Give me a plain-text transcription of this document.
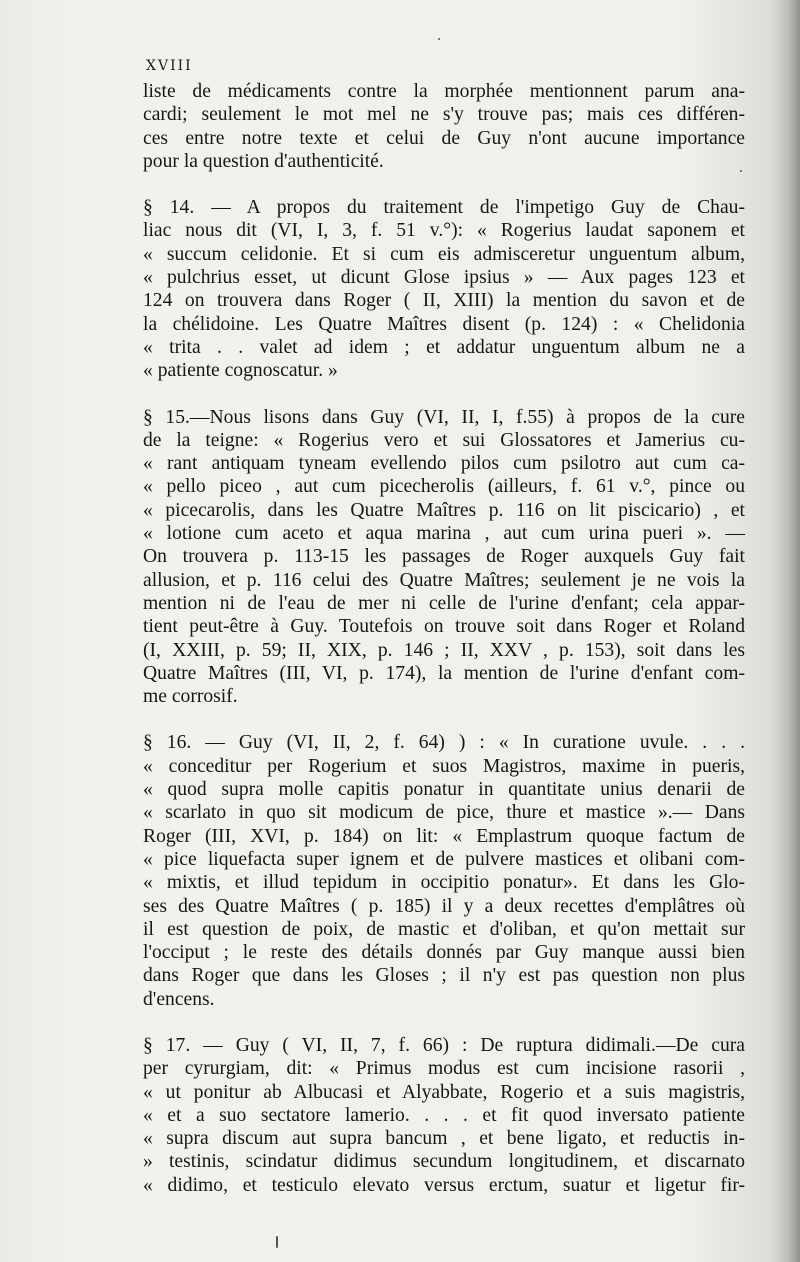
XVIII
liste de médicaments contre la morphée mentionnent parum ana-
cardi; seulement le mot mel ne s'y trouve pas; mais ces différen-
ces entre notre texte et celui de Guy n'ont aucune importance
pour la question d'authenticité.
§ 14. — A propos du traitement de l'impetigo Guy de Chau-
liac nous dit (VI, I, 3, f. 51 v.°): « Rogerius laudat saponem et
« succum celidonie. Et si cum eis admisceretur unguentum album,
« pulchrius esset, ut dicunt Glose ipsius » — Aux pages 123 et
124 on trouvera dans Roger ( II, XIII) la mention du savon et de
la chélidoine. Les Quatre Maîtres disent (p. 124) : « Chelidonia
« trita . . valet ad idem ; et addatur unguentum album ne a
« patiente cognoscatur. »
§ 15.—Nous lisons dans Guy (VI, II, I, f.55) à propos de la cure
de la teigne: « Rogerius vero et sui Glossatores et Jamerius cu-
« rant antiquam tyneam evellendo pilos cum psilotro aut cum ca-
« pello piceo , aut cum picecherolis (ailleurs, f. 61 v.°, pince ou
« picecarolis, dans les Quatre Maîtres p. 116 on lit piscicario) , et
« lotione cum aceto et aqua marina , aut cum urina pueri ». —
On trouvera p. 113-15 les passages de Roger auxquels Guy fait
allusion, et p. 116 celui des Quatre Maîtres; seulement je ne vois la
mention ni de l'eau de mer ni celle de l'urine d'enfant; cela appar-
tient peut-être à Guy. Toutefois on trouve soit dans Roger et Roland
(I, XXIII, p. 59; II, XIX, p. 146 ; II, XXV , p. 153), soit dans les
Quatre Maîtres (III, VI, p. 174), la mention de l'urine d'enfant com-
me corrosif.
§ 16. — Guy (VI, II, 2, f. 64) ) : « In curatione uvule. . . .
« conceditur per Rogerium et suos Magistros, maxime in pueris,
« quod supra molle capitis ponatur in quantitate unius denarii de
« scarlato in quo sit modicum de pice, thure et mastice ».— Dans
Roger (III, XVI, p. 184) on lit: « Emplastrum quoque factum de
« pice liquefacta super ignem et de pulvere mastices et olibani com-
« mixtis, et illud tepidum in occipitio ponatur». Et dans les Glo-
ses des Quatre Maîtres ( p. 185) il y a deux recettes d'emplâtres où
il est question de poix, de mastic et d'oliban, et qu'on mettait sur
l'occiput ; le reste des détails donnés par Guy manque aussi bien
dans Roger que dans les Gloses ; il n'y est pas question non plus
d'encens.
§ 17. — Guy ( VI, II, 7, f. 66) : De ruptura didimali.—De cura
per cyrurgiam, dit: « Primus modus est cum incisione rasorii ,
« ut ponitur ab Albucasi et Alyabbate, Rogerio et a suis magistris,
« et a suo sectatore lamerio. . . . et fit quod inversato patiente
« supra discum aut supra bancum , et bene ligato, et reductis in-
» testinis, scindatur didimus secundum longitudinem, et discarnato
« didimo, et testiculo elevato versus erctum, suatur et ligetur fir-
